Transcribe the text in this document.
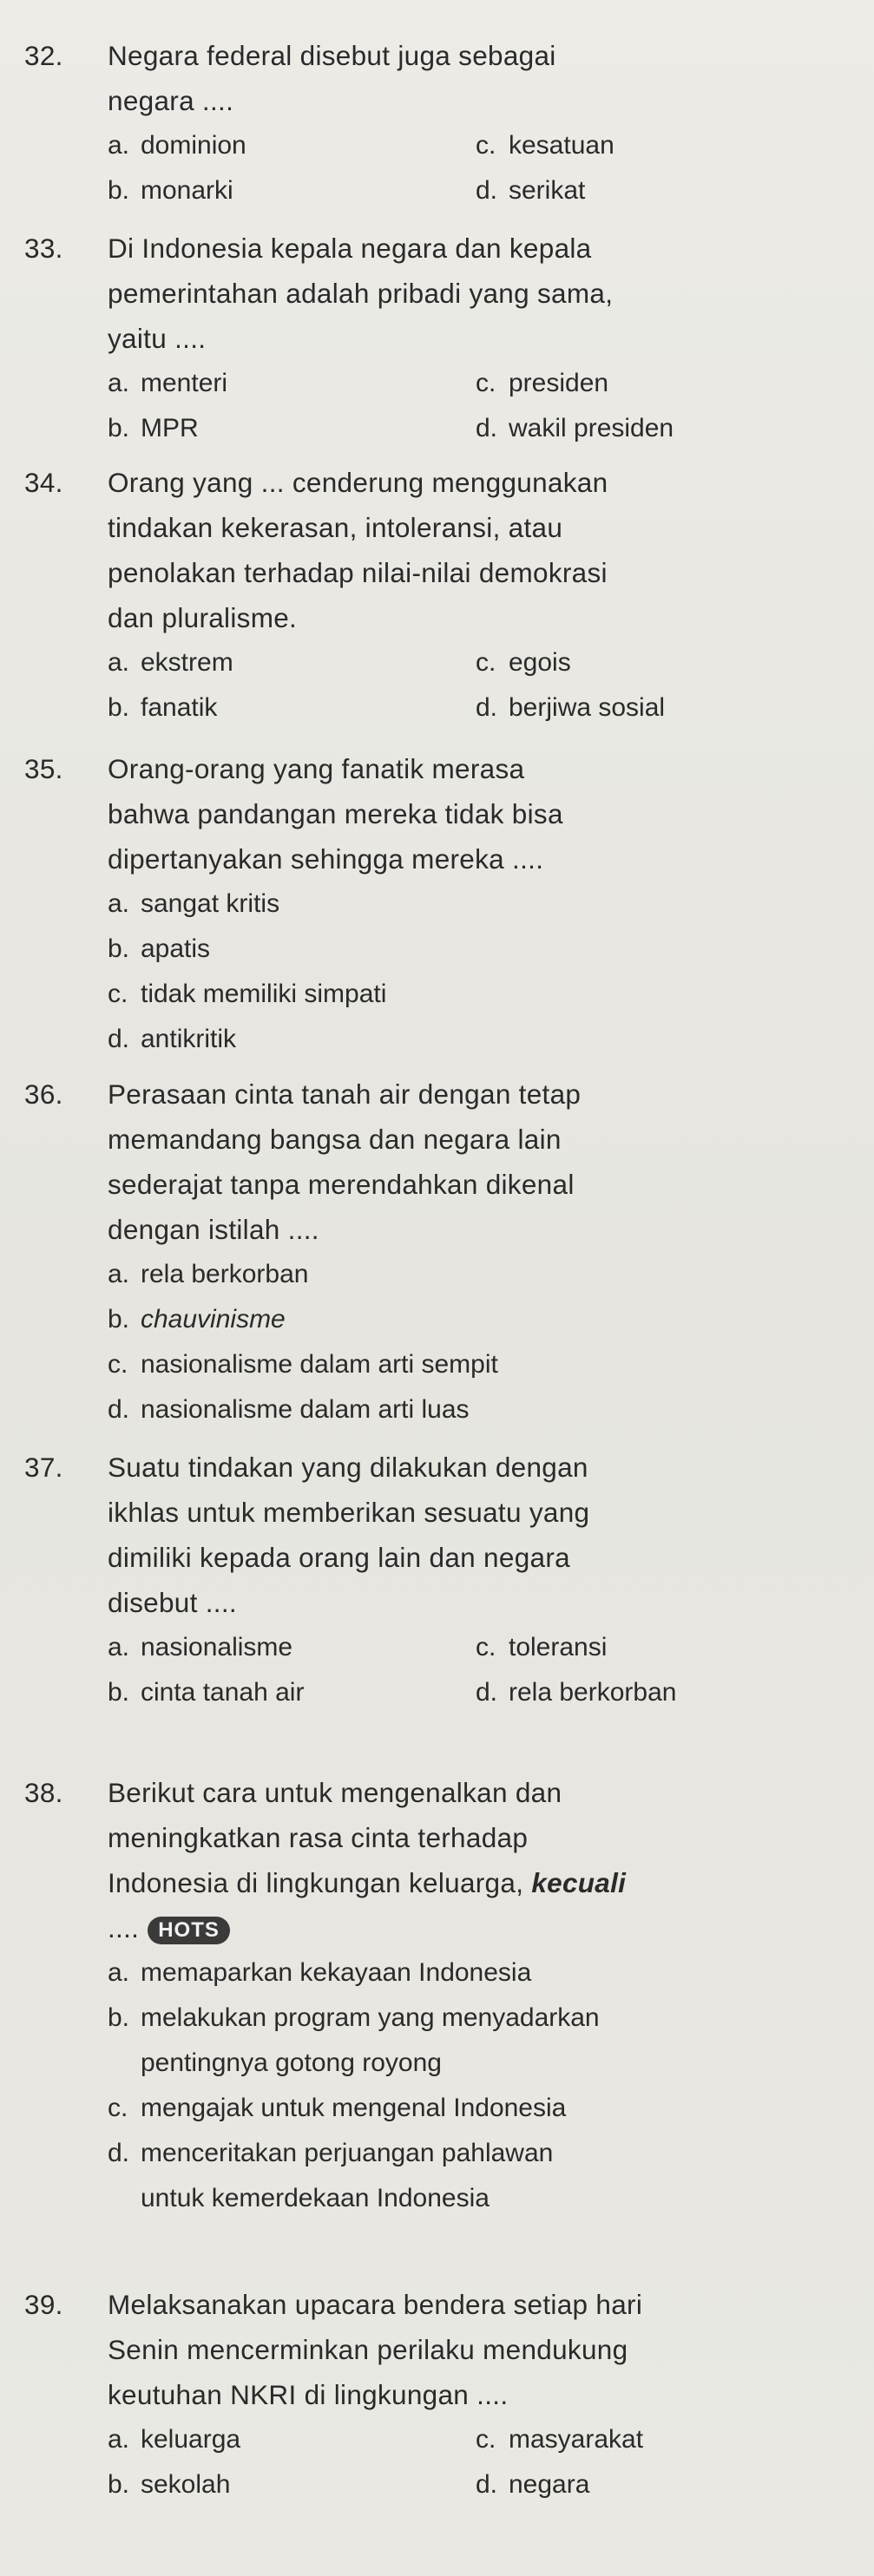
32. Negara federal disebut juga sebagai
negara ....
a. dominion	c. kesatuan
b. monarki	d. serikat
33. Di Indonesia kepala negara dan kepala
pemerintahan adalah pribadi yang sama,
yaitu ....
a. menteri	c. presiden
b. MPR	d. wakil presiden
34. Orang yang ... cenderung menggunakan
tindakan kekerasan, intoleransi, atau
penolakan terhadap nilai-nilai demokrasi
dan pluralisme.
a. ekstrem	c. egois
b. fanatik	d. berjiwa sosial
35. Orang-orang yang fanatik merasa
bahwa pandangan mereka tidak bisa
dipertanyakan sehingga mereka ....
a. sangat kritis
b. apatis
c. tidak memiliki simpati
d. antikritik
36. Perasaan cinta tanah air dengan tetap
memandang bangsa dan negara lain
sederajat tanpa merendahkan dikenal
dengan istilah ....
a. rela berkorban
b. chauvinisme
c. nasionalisme dalam arti sempit
d. nasionalisme dalam arti luas
37. Suatu tindakan yang dilakukan dengan
ikhlas untuk memberikan sesuatu yang
dimiliki kepada orang lain dan negara
disebut ....
a. nasionalisme	c. toleransi
b. cinta tanah air	d. rela berkorban
38. Berikut cara untuk mengenalkan dan
meningkatkan rasa cinta terhadap
Indonesia di lingkungan keluarga, kecuali
.... HOTS
a. memaparkan kekayaan Indonesia
b. melakukan program yang menyadarkan
pentingnya gotong royong
c. mengajak untuk mengenal Indonesia
d. menceritakan perjuangan pahlawan
untuk kemerdekaan Indonesia
39. Melaksanakan upacara bendera setiap hari
Senin mencerminkan perilaku mendukung
keutuhan NKRI di lingkungan ....
a. keluarga	c. masyarakat
b. sekolah	d. negara
